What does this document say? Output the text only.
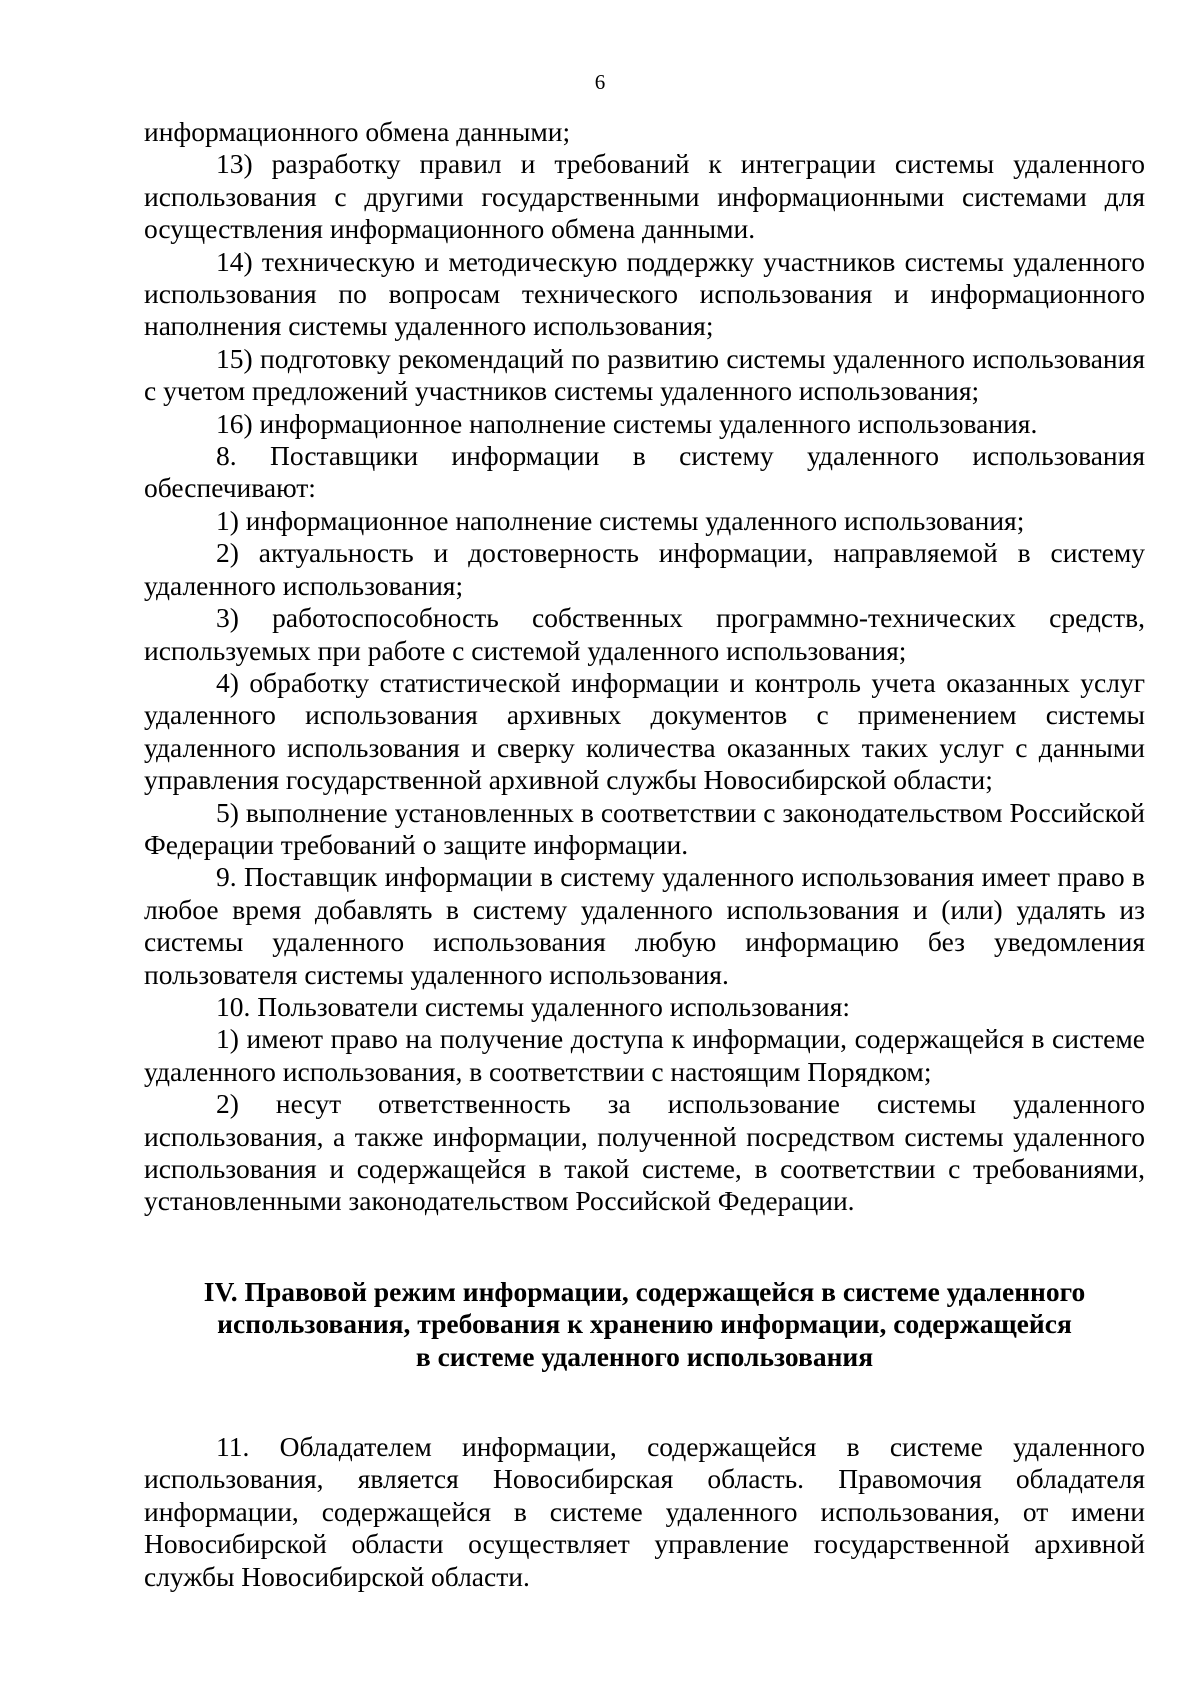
6

информационного обмена данными;

13) разработку правил и требований к интеграции системы удаленного использования с другими государственными информационными системами для осуществления информационного обмена данными.

14) техническую и методическую поддержку участников системы удаленного использования по вопросам технического использования и информационного наполнения системы удаленного использования;

15) подготовку рекомендаций по развитию системы удаленного использования с учетом предложений участников системы удаленного использования;

16) информационное наполнение системы удаленного использования.

8. Поставщики информации в систему удаленного использования обеспечивают:

1) информационное наполнение системы удаленного использования;

2) актуальность и достоверность информации, направляемой в систему удаленного использования;

3) работоспособность собственных программно-технических средств, используемых при работе с системой удаленного использования;

4) обработку статистической информации и контроль учета оказанных услуг удаленного использования архивных документов с применением системы удаленного использования и сверку количества оказанных таких услуг с данными управления государственной архивной службы Новосибирской области;

5) выполнение установленных в соответствии с законодательством Российской Федерации требований о защите информации.

9. Поставщик информации в систему удаленного использования имеет право в любое время добавлять в систему удаленного использования и (или) удалять из системы удаленного использования любую информацию без уведомления пользователя системы удаленного использования.

10. Пользователи системы удаленного использования:

1) имеют право на получение доступа к информации, содержащейся в системе удаленного использования, в соответствии с настоящим Порядком;

2) несут ответственность за использование системы удаленного использования, а также информации, полученной посредством системы удаленного использования и содержащейся в такой системе, в соответствии с требованиями, установленными законодательством Российской Федерации.

IV. Правовой режим информации, содержащейся в системе удаленного
использования, требования к хранению информации, содержащейся
в системе удаленного использования

11. Обладателем информации, содержащейся в системе удаленного использования, является Новосибирская область. Правомочия обладателя информации, содержащейся в системе удаленного использования, от имени Новосибирской области осуществляет управление государственной архивной службы Новосибирской области.
